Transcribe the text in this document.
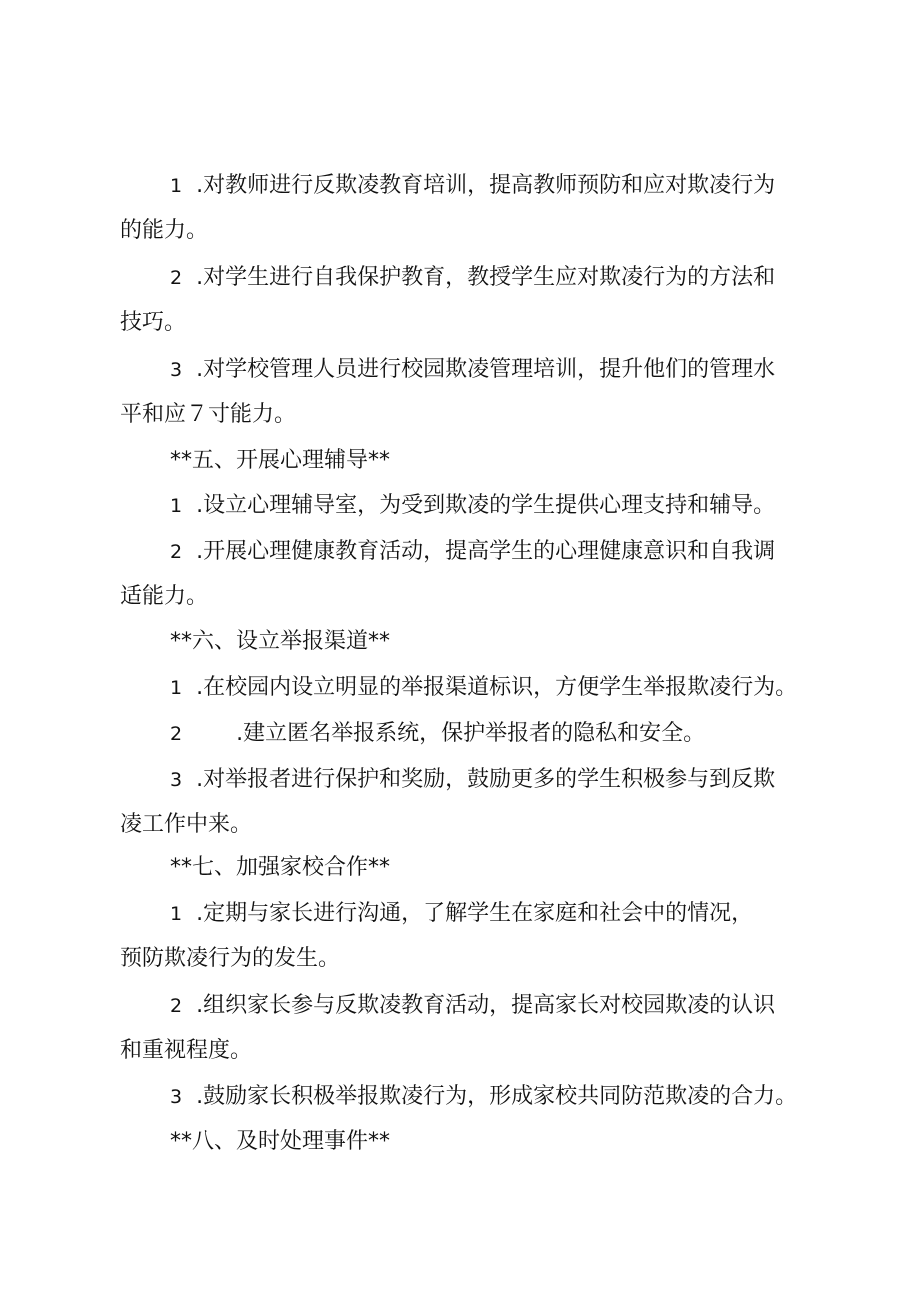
1 .对教师进行反欺凌教育培训，提高教师预防和应对欺凌行为
的能力。
2 .对学生进行自我保护教育，教授学生应对欺凌行为的方法和
技巧。
3 .对学校管理人员进行校园欺凌管理培训，提升他们的管理水
平和应７寸能力。
**五、开展心理辅导**
1 .设立心理辅导室，为受到欺凌的学生提供心理支持和辅导。
2 .开展心理健康教育活动，提高学生的心理健康意识和自我调
适能力。
**六、设立举报渠道**
1 .在校园内设立明显的举报渠道标识，方便学生举报欺凌行为。
2 .建立匿名举报系统，保护举报者的隐私和安全。
3 .对举报者进行保护和奖励，鼓励更多的学生积极参与到反欺
凌工作中来。
**七、加强家校合作**
1 .定期与家长进行沟通，了解学生在家庭和社会中的情况，
预防欺凌行为的发生。
2 .组织家长参与反欺凌教育活动，提高家长对校园欺凌的认识
和重视程度。
3 .鼓励家长积极举报欺凌行为，形成家校共同防范欺凌的合力。
**八、及时处理事件**
